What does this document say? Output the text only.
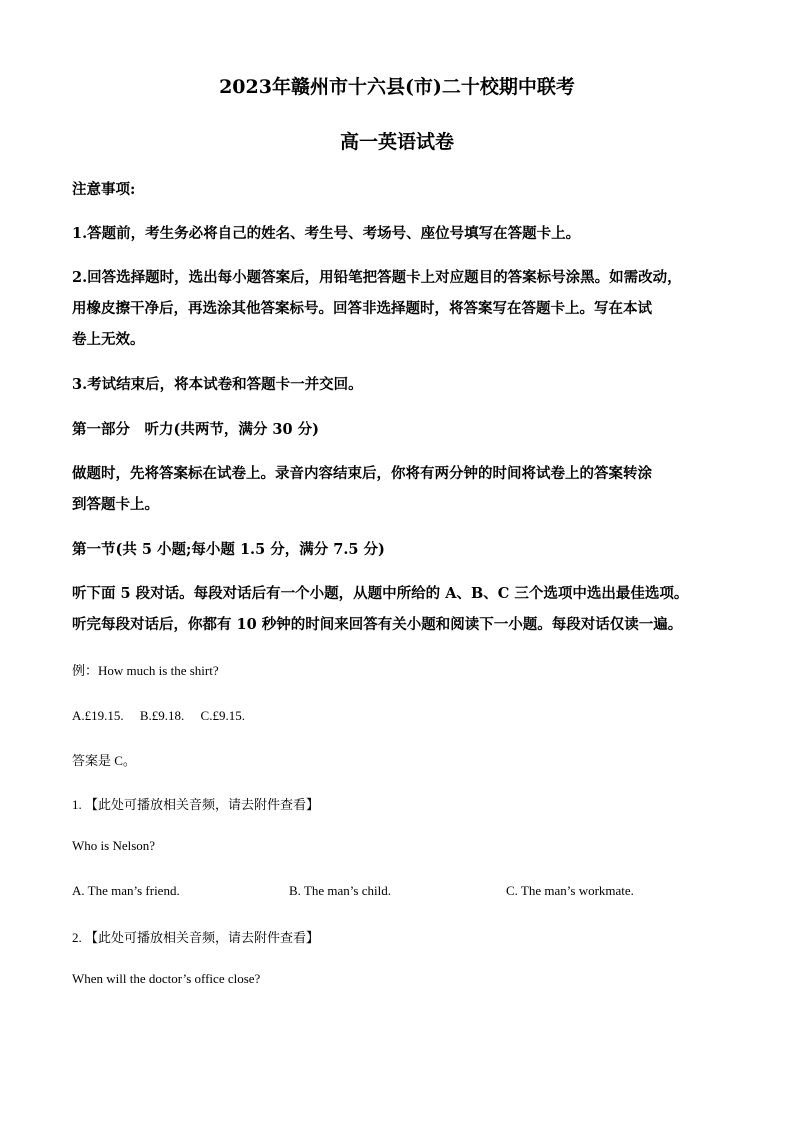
2023年赣州市十六县(市)二十校期中联考
高一英语试卷
注意事项:
1.答题前，考生务必将自己的姓名、考生号、考场号、座位号填写在答题卡上。
2.回答选择题时，选出每小题答案后，用铅笔把答题卡上对应题目的答案标号涂黑。如需改动，
用橡皮擦干净后，再选涂其他答案标号。回答非选择题时，将答案写在答题卡上。写在本试
卷上无效。
3.考试结束后，将本试卷和答题卡一并交回。
第一部分　听力(共两节，满分 30 分)
做题时，先将答案标在试卷上。录音内容结束后，你将有两分钟的时间将试卷上的答案转涂
到答题卡上。
第一节(共 5 小题;每小题 1.5 分，满分 7.5 分)
听下面 5 段对话。每段对话后有一个小题，从题中所给的 A、B、C 三个选项中选出最佳选项。
听完每段对话后，你都有 10 秒钟的时间来回答有关小题和阅读下一小题。每段对话仅读一遍。
例：How much is the shirt?
A.£19.15.　 B.£9.18.　 C.£9.15.
答案是 C。
1. 【此处可播放相关音频，请去附件查看】
Who is Nelson?
A. The man’s friend.	B. The man’s child.	C. The man’s workmate.
2. 【此处可播放相关音频，请去附件查看】
When will the doctor’s office close?
